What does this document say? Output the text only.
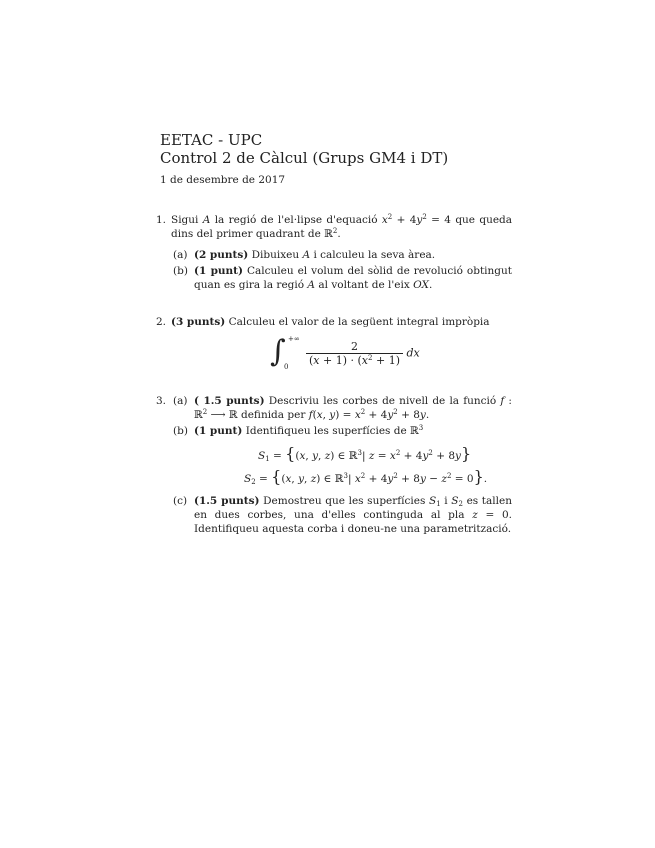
EETAC - UPC
Control 2 de Càlcul (Grups GM4 i DT)
1 de desembre de 2017
1. Sigui A la regió de l'el·lipse d'equació $x^2 + 4y^2 = 4$ que queda dins del primer quadrant de ℝ$^2$.
(a) (2 punts) Dibuixeu A i calculeu la seva àrea.
(b) (1 punt) Calculeu el volum del sòlid de revolució obtingut quan es gira la regió A al voltant de l'eix OX.
2. (3 punts) Calculeu el valor de la següent integral impròpia
∫ +∞
$0 \frac{2}{(x + 1) \cdot (x^2 + 1)}$ dx
3. (a) ( 1.5 punts) Descriviu les corbes de nivell de la funció f : ℝ$^2$ ⟶ ℝ definida per f(x, $y) = x^2 + 4y^2 + 8y$.
(b) (1 punt) Identifiqueu les superfícies de ℝ$^3$
$S_1 = \{(x$, y, z) ∈ ℝ$^3$| $z = x^2 + 4y^2 + 8y$}
$S_2 = \{(x$, y, z) ∈ ℝ$^3$| $x^2 + 4y^2 + 8y - z^2 = 0$}.
(c) (1.5 punts) Demostreu que les superfícies $S_1$ i $S_2$ es tallen en dues corbes, una d'elles continguda al pla z = 0. Identifiqueu aquesta corba i doneu-ne una parametrització.
